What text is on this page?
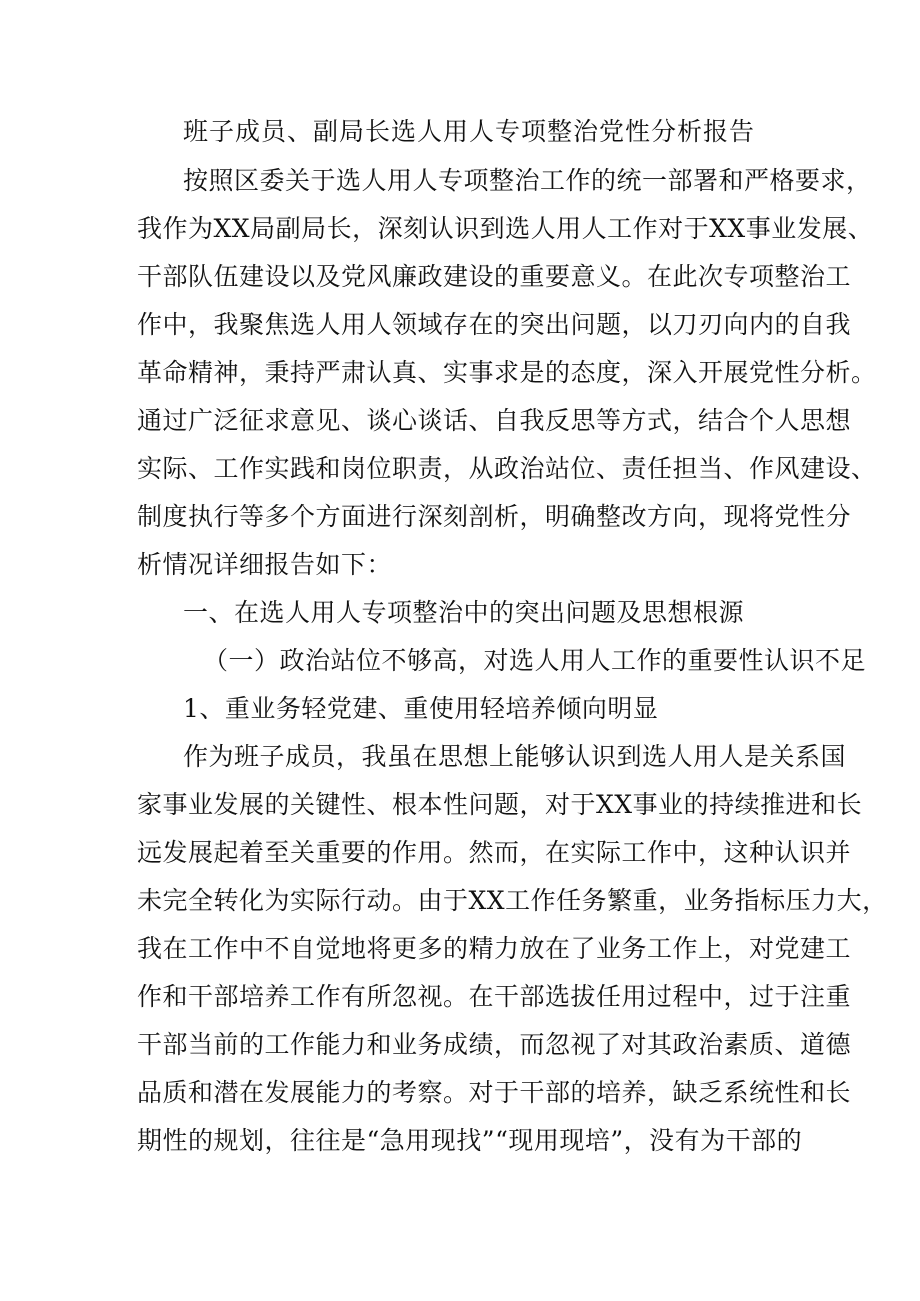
班子成员、副局长选人用人专项整治党性分析报告
按照区委关于选人用人专项整治工作的统一部署和严格要求，
我作为XX局副局长，深刻认识到选人用人工作对于XX事业发展、
干部队伍建设以及党风廉政建设的重要意义。在此次专项整治工
作中，我聚焦选人用人领域存在的突出问题，以刀刃向内的自我
革命精神，秉持严肃认真、实事求是的态度，深入开展党性分析。
通过广泛征求意见、谈心谈话、自我反思等方式，结合个人思想
实际、工作实践和岗位职责，从政治站位、责任担当、作风建设、
制度执行等多个方面进行深刻剖析，明确整改方向，现将党性分
析情况详细报告如下：
一、在选人用人专项整治中的突出问题及思想根源
（一）政治站位不够高，对选人用人工作的重要性认识不足
1、重业务轻党建、重使用轻培养倾向明显
作为班子成员，我虽在思想上能够认识到选人用人是关系国
家事业发展的关键性、根本性问题，对于XX事业的持续推进和长
远发展起着至关重要的作用。然而，在实际工作中，这种认识并
未完全转化为实际行动。由于XX工作任务繁重，业务指标压力大，
我在工作中不自觉地将更多的精力放在了业务工作上，对党建工
作和干部培养工作有所忽视。在干部选拔任用过程中，过于注重
干部当前的工作能力和业务成绩，而忽视了对其政治素质、道德
品质和潜在发展能力的考察。对于干部的培养，缺乏系统性和长
期性的规划，往往是“急用现找”“现用现培”，没有为干部的
